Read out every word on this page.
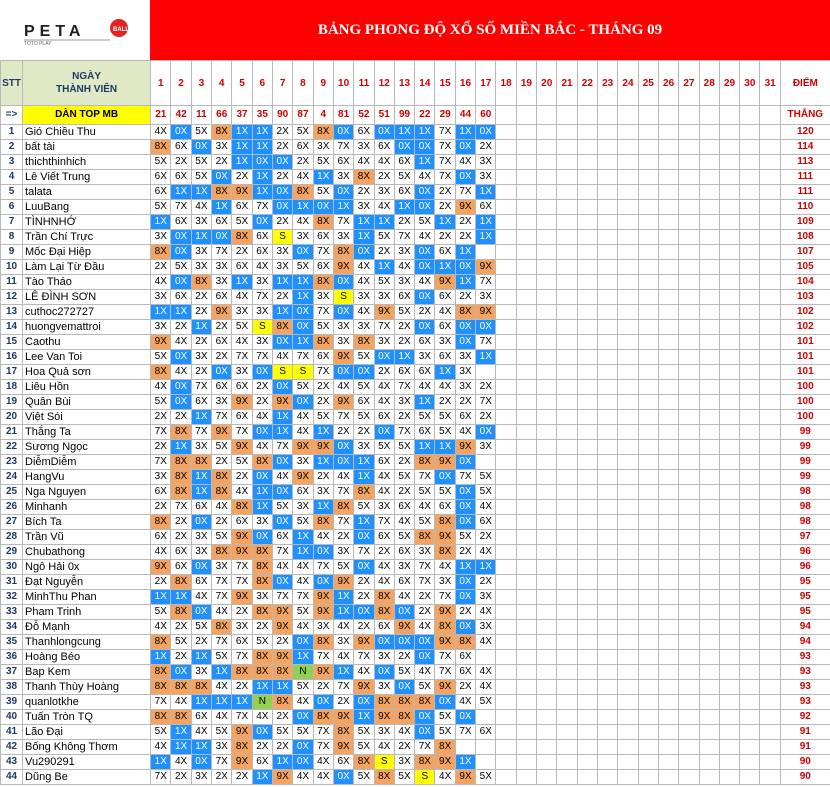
BALL
PETA
TOTO PLAY
BẢNG PHONG ĐỘ XỔ SỐ MIỀN BẮC - THÁNG 09
STT	NGÀY
THÀNH VIÊN	1	2	3	4	5	6	7	8	9	10	11	12	13	14	15	16	17	18	19	20	21	22	23	24	25	26	27	28	29	30	31	ĐIỂM
=>	DÀN TOP MB	21	42	11	66	37	35	90	87	4	81	52	51	99	22	29	44	60															THẮNG
1	Gió Chiều Thu	4X	0X	5X	8X	1X	1X	2X	5X	8X	0X	6X	0X	1X	1X	7X	1X	0X															120
2	bất tài	8X	6X	0X	3X	1X	1X	2X	6X	3X	7X	3X	6X	0X	0X	7X	0X	2X															114
3	thichthinhich	5X	2X	5X	2X	1X	0X	0X	2X	5X	6X	4X	4X	6X	1X	7X	4X	3X															113
4	Lê Viết Trung	6X	6X	5X	0X	2X	1X	2X	4X	1X	3X	8X	2X	5X	4X	7X	0X	3X															111
5	talata	6X	1X	1X	8X	9X	1X	0X	8X	5X	0X	2X	3X	6X	0X	2X	7X	1X															111
6	LuuBang	5X	7X	4X	1X	6X	7X	0X	1X	0X	1X	3X	4X	1X	0X	2X	9X	6X															110
7	TÌNHNHỚ	1X	6X	3X	6X	5X	0X	2X	4X	8X	7X	1X	1X	2X	5X	1X	2X	1X															109
8	Trần Chí Trực	3X	0X	1X	0X	8X	6X	S	3X	6X	3X	1X	5X	7X	4X	2X	2X	1X															108
9	Mốc Đại Hiệp	8X	0X	3X	7X	2X	6X	3X	0X	7X	8X	0X	2X	3X	0X	6X	1X																107
10	Làm Lại Từ Đầu	2X	5X	3X	3X	6X	4X	3X	5X	6X	9X	4X	1X	4X	0X	1X	0X	9X															105
11	Tào Tháo	4X	0X	8X	3X	1X	3X	1X	1X	8X	0X	4X	5X	3X	4X	9X	1X	7X															104
12	LÊ ĐÌNH SƠN	3X	6X	2X	6X	4X	7X	2X	1X	3X	S	3X	3X	6X	0X	6X	2X	3X															103
13	cuthoc272727	1X	1X	2X	9X	3X	3X	1X	0X	7X	0X	4X	9X	5X	2X	4X	8X	9X															102
14	huongvemattroi	3X	2X	1X	2X	5X	S	8X	0X	5X	3X	3X	7X	2X	0X	6X	0X	0X															102
15	Caothu	9X	4X	2X	6X	4X	3X	0X	1X	8X	3X	8X	3X	2X	6X	3X	0X	7X															101
16	Lee Van Toi	5X	0X	3X	2X	7X	7X	4X	7X	6X	9X	5X	0X	1X	3X	6X	3X	1X															101
17	Hoa Quả sơn	8X	4X	2X	0X	3X	0X	S	S	7X	0X	0X	2X	6X	6X	1X	3X																101
18	Liêu Hồn	4X	0X	7X	6X	6X	2X	0X	5X	2X	4X	5X	4X	7X	4X	4X	3X	2X															100
19	Quân Bùi	5X	0X	6X	3X	9X	2X	9X	0X	2X	9X	6X	4X	3X	1X	2X	2X	7X															100
20	Việt Sói	2X	2X	1X	7X	6X	4X	1X	4X	5X	7X	5X	6X	2X	5X	5X	6X	2X															100
21	Thắng Ta	7X	8X	7X	9X	7X	0X	1X	4X	1X	2X	2X	0X	7X	6X	5X	4X	0X															99
22	Sương Ngọc	2X	1X	3X	5X	9X	4X	7X	9X	9X	0X	3X	5X	5X	1X	1X	9X	3X															99
23	DiễmDiễm	7X	8X	8X	2X	5X	8X	0X	3X	1X	0X	1X	6X	2X	8X	9X	0X																99
24	HangVu	3X	8X	1X	8X	2X	0X	4X	9X	2X	4X	1X	4X	5X	7X	0X	7X	5X															99
25	Nga Nguyen	6X	8X	1X	8X	4X	1X	0X	6X	3X	7X	8X	4X	2X	5X	5X	0X	5X															98
26	Minhanh	2X	7X	6X	4X	8X	1X	5X	3X	1X	8X	5X	3X	6X	4X	6X	0X	4X															98
27	Bích Ta	8X	2X	0X	2X	6X	3X	0X	5X	8X	7X	1X	7X	4X	5X	8X	0X	6X															98
28	Trần Vũ	6X	2X	3X	5X	9X	0X	6X	1X	4X	2X	0X	6X	5X	8X	9X	5X	2X															97
29	Chubathong	4X	6X	3X	8X	9X	8X	7X	1X	0X	3X	7X	2X	6X	3X	8X	2X	4X															96
30	Ngô Hải 0x	9X	6X	0X	3X	7X	8X	4X	4X	7X	5X	0X	4X	3X	7X	4X	1X	1X															96
31	Đạt Nguyễn	2X	8X	6X	7X	7X	8X	0X	4X	0X	9X	2X	4X	6X	7X	3X	0X	2X															95
32	MinhThu Phan	1X	1X	4X	7X	9X	3X	7X	7X	9X	1X	2X	8X	4X	2X	7X	0X	3X															95
33	Pham Trinh	5X	8X	0X	4X	2X	8X	9X	5X	9X	1X	0X	8X	0X	2X	9X	2X	4X															95
34	Đỗ Mạnh	4X	2X	5X	8X	3X	2X	9X	4X	3X	4X	2X	6X	9X	4X	8X	0X	3X															94
35	Thanhlongcung	8X	5X	2X	7X	6X	5X	2X	0X	8X	3X	9X	0X	0X	0X	9X	8X	4X															94
36	Hoàng Béo	1X	2X	1X	5X	7X	8X	9X	1X	7X	4X	7X	3X	2X	0X	7X	6X																93
37	Bap Kem	8X	0X	3X	1X	8X	8X	8X	N	9X	1X	4X	0X	5X	4X	7X	6X	4X															93
38	Thanh Thùy Hoàng	8X	8X	8X	4X	2X	1X	1X	5X	2X	7X	9X	3X	0X	5X	9X	2X	4X															93
39	quanlotkhe	7X	4X	1X	1X	1X	N	8X	4X	0X	2X	0X	8X	8X	8X	0X	4X	5X															93
40	Tuấn Tròn TQ	8X	8X	6X	4X	7X	4X	2X	0X	8X	9X	1X	9X	8X	0X	5X	0X																92
41	Lão Đại	5X	1X	4X	5X	9X	0X	5X	5X	7X	8X	5X	3X	4X	0X	5X	7X	6X															91
42	Bống Không Thơm	4X	1X	1X	3X	8X	2X	2X	0X	7X	9X	5X	4X	2X	7X	8X																	91
43	Vu290291	1X	4X	0X	7X	9X	6X	1X	0X	4X	6X	8X	S	3X	8X	9X	1X																90
44	Dũng Be	7X	2X	3X	2X	2X	1X	9X	4X	4X	0X	5X	8X	5X	S	4X	9X	5X															90
